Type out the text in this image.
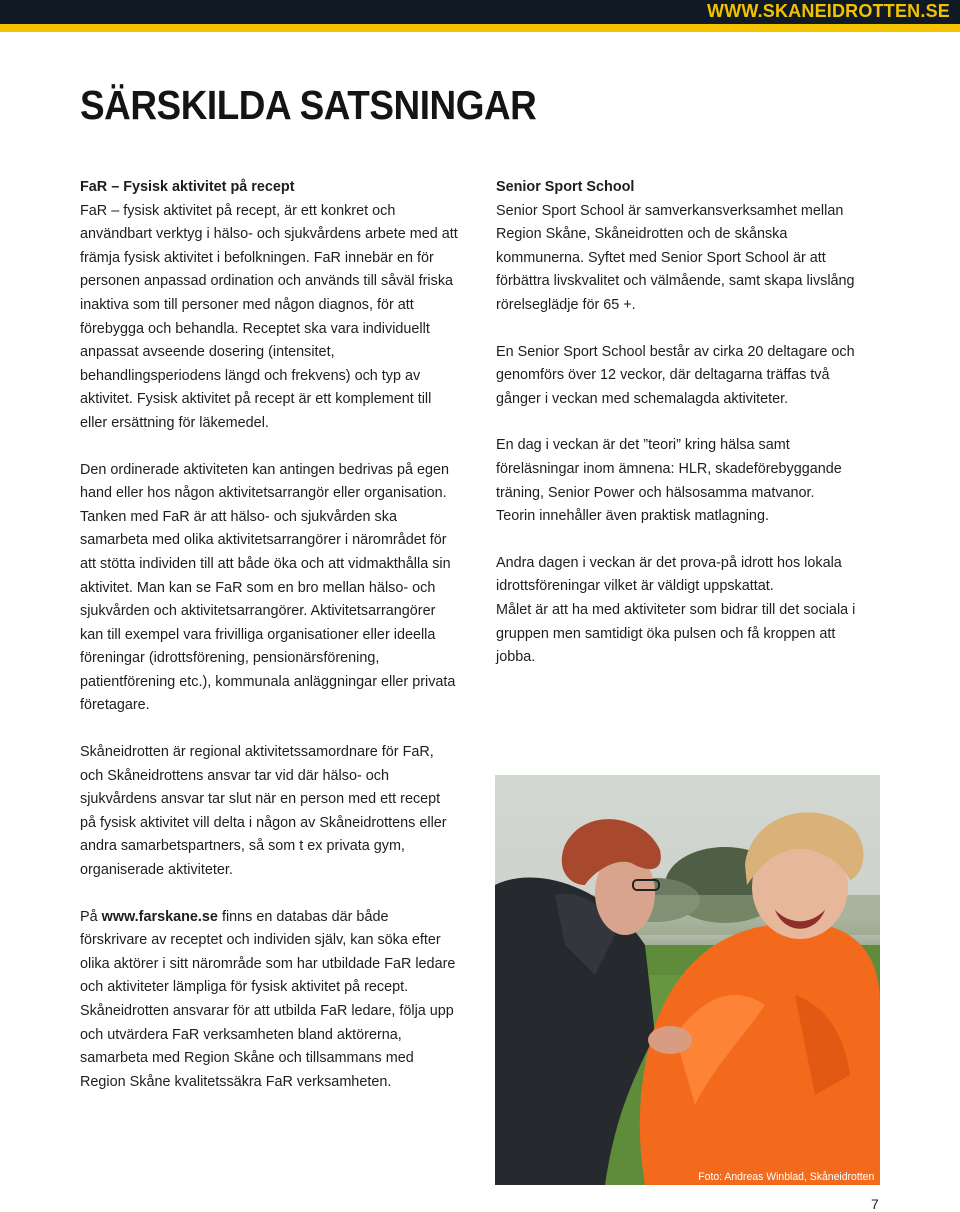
WWW.SKANEIDROTTEN.SE
SÄRSKILDA SATSNINGAR
FaR – Fysisk aktivitet på recept

FaR – fysisk aktivitet på recept, är ett konkret och användbart verktyg i hälso- och sjukvårdens arbete med att främja fysisk aktivitet i befolkningen. FaR innebär en för personen anpassad ordination och används till såväl friska inaktiva som till personer med någon diagnos, för att förebygga och behandla. Receptet ska vara individuellt anpassat avseende dosering (intensitet, behandlingsperiodens längd och frekvens) och typ av aktivitet. Fysisk aktivitet på recept är ett komplement till eller ersättning för läkemedel.

Den ordinerade aktiviteten kan antingen bedrivas på egen hand eller hos någon aktivitetsarrangör eller organisation. Tanken med FaR är att hälso- och sjukvården ska samarbeta med olika aktivitetsarrangörer i närområdet för att stötta individen till att både öka och att vidmakthålla sin aktivitet. Man kan se FaR som en bro mellan hälso- och sjukvården och aktivitetsarrangörer. Aktivitetsarrangörer kan till exempel vara frivilliga organisationer eller ideella föreningar (idrottsförening, pensionärsförening, patientförening etc.), kommunala anläggningar eller privata företagare.

Skåneidrotten är regional aktivitetssamordnare för FaR, och Skåneidrottens ansvar tar vid där hälso- och sjukvårdens ansvar tar slut när en person med ett recept på fysisk aktivitet vill delta i någon av Skåneidrottens eller andra samarbetspartners, så som t ex privata gym, organiserade aktiviteter.

På www.farskane.se finns en databas där både förskrivare av receptet och individen själv, kan söka efter olika aktörer i sitt närområde som har utbildade FaR ledare och aktiviteter lämpliga för fysisk aktivitet på recept. Skåneidrotten ansvarar för att utbilda FaR ledare, följa upp och utvärdera FaR verksamheten bland aktörerna, samarbeta med Region Skåne och tillsammans med Region Skåne kvalitetssäkra FaR verksamheten.

Senior Sport School

Senior Sport School är samverkansverksamhet mellan Region Skåne, Skåneidrotten och de skånska kommunerna. Syftet med Senior Sport School är att förbättra livskvalitet och välmående, samt skapa livslång rörelseglädje för 65 +.

En Senior Sport School består av cirka 20 deltagare och genomförs över 12 veckor, där deltagarna träffas två gånger i veckan med schemalagda aktiviteter.

En dag i veckan är det ”teori” kring hälsa samt föreläsningar inom ämnena: HLR, skadeförebyggande träning, Senior Power och hälsosamma matvanor.

Teorin innehåller även praktisk matlagning.

Andra dagen i veckan är det prova-på idrott hos lokala idrottsföreningar vilket är väldigt uppskattat.

Målet är att ha med aktiviteter som bidrar till det sociala i gruppen men samtidigt öka pulsen och få kroppen att jobba.

Foto: Andreas Winblad, Skåneidrotten
7
